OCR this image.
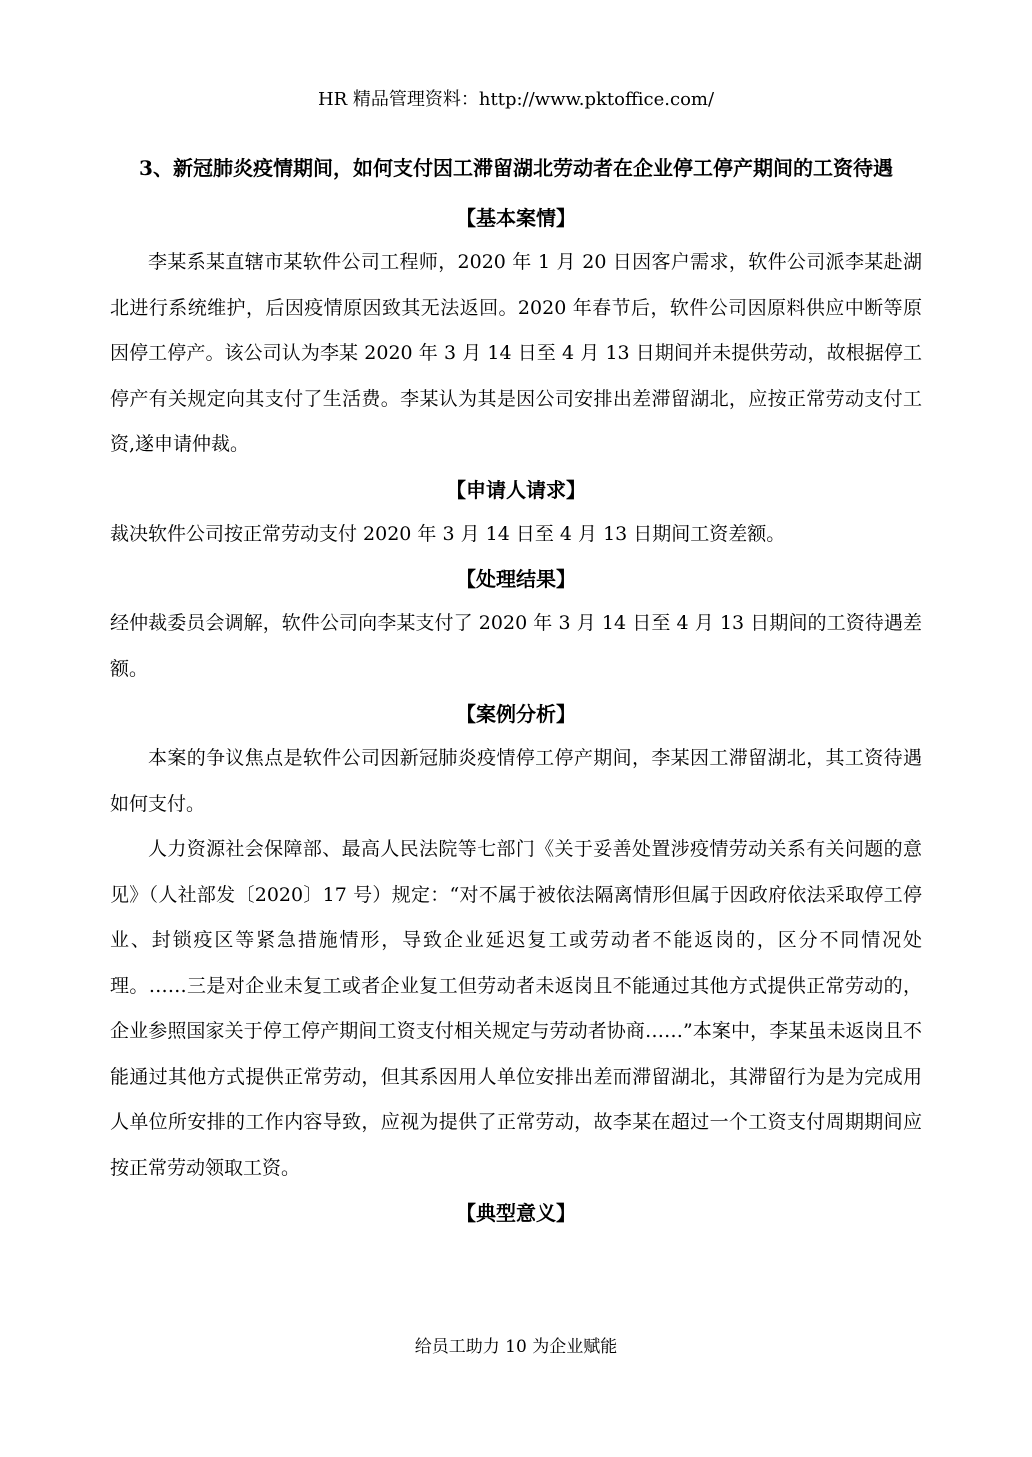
HR 精品管理资料：http://www.pktoffice.com/
3、新冠肺炎疫情期间，如何支付因工滞留湖北劳动者在企业停工停产期间的工资待遇
【基本案情】

李某系某直辖市某软件公司工程师，2020 年 1 月 20 日因客户需求，软件公司派李某赴湖北进行系统维护，后因疫情原因致其无法返回。2020 年春节后，软件公司因原料供应中断等原因停工停产。该公司认为李某 2020 年 3 月 14 日至 4 月 13 日期间并未提供劳动，故根据停工停产有关规定向其支付了生活费。李某认为其是因公司安排出差滞留湖北，应按正常劳动支付工资,遂申请仲裁。

【申请人请求】

裁决软件公司按正常劳动支付 2020 年 3 月 14 日至 4 月 13 日期间工资差额。

【处理结果】

经仲裁委员会调解，软件公司向李某支付了 2020 年 3 月 14 日至 4 月 13 日期间的工资待遇差额。

【案例分析】

本案的争议焦点是软件公司因新冠肺炎疫情停工停产期间，李某因工滞留湖北，其工资待遇如何支付。

人力资源社会保障部、最高人民法院等七部门《关于妥善处置涉疫情劳动关系有关问题的意见》（人社部发〔2020〕17 号）规定：“对不属于被依法隔离情形但属于因政府依法采取停工停业、封锁疫区等紧急措施情形，导致企业延迟复工或劳动者不能返岗的，区分不同情况处理。……三是对企业未复工或者企业复工但劳动者未返岗且不能通过其他方式提供正常劳动的，企业参照国家关于停工停产期间工资支付相关规定与劳动者协商……”本案中，李某虽未返岗且不能通过其他方式提供正常劳动，但其系因用人单位安排出差而滞留湖北，其滞留行为是为完成用人单位所安排的工作内容导致，应视为提供了正常劳动，故李某在超过一个工资支付周期期间应按正常劳动领取工资。

【典型意义】
给员工助力 10 为企业赋能
